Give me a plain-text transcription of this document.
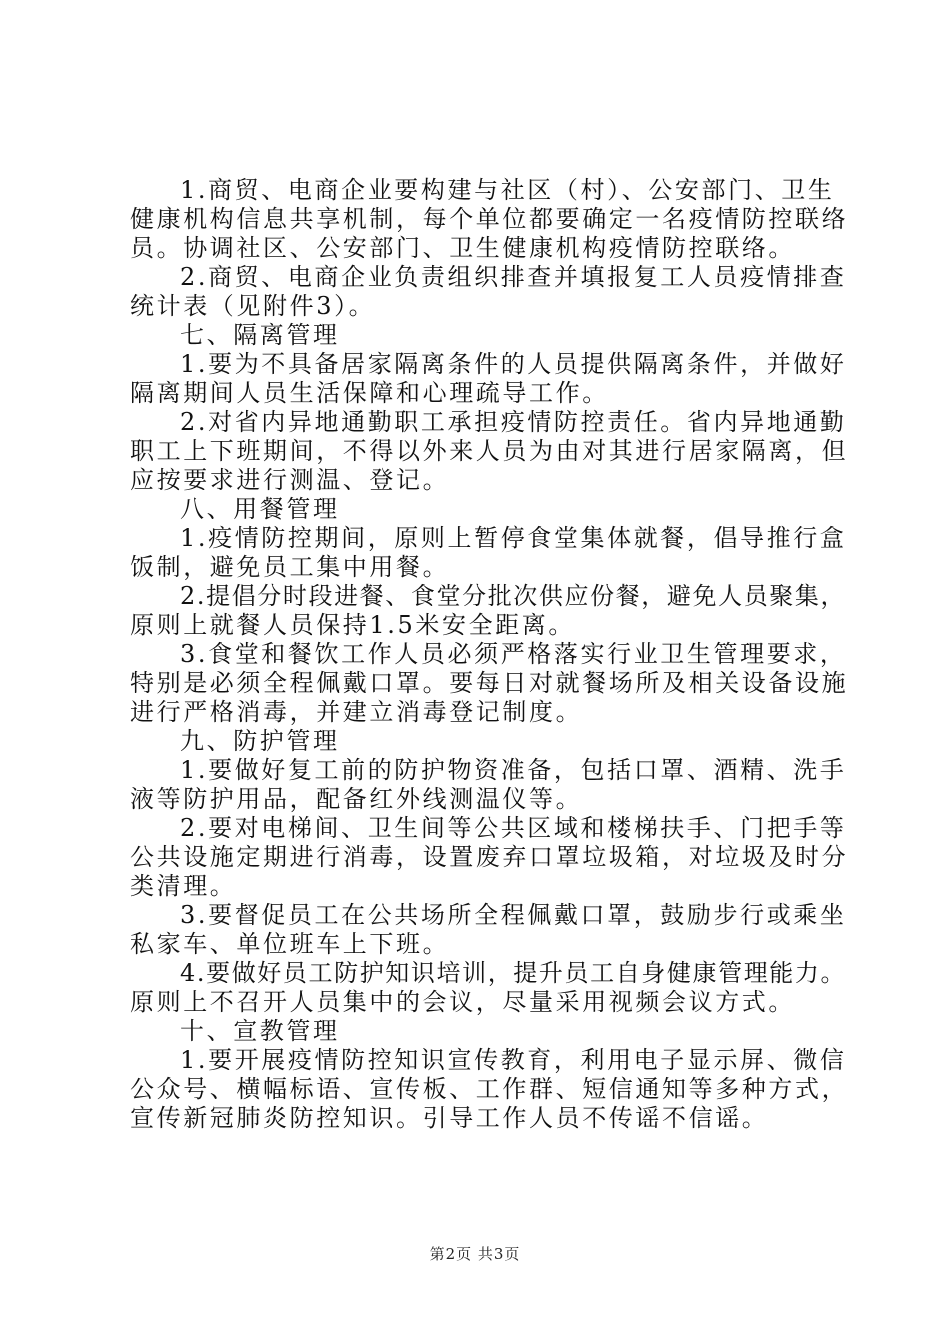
1.商贸、电商企业要构建与社区（村）、公安部门、卫生
健康机构信息共享机制，每个单位都要确定一名疫情防控联络
员。协调社区、公安部门、卫生健康机构疫情防控联络。
2.商贸、电商企业负责组织排查并填报复工人员疫情排查
统计表（见附件3）。
七、隔离管理
1.要为不具备居家隔离条件的人员提供隔离条件，并做好
隔离期间人员生活保障和心理疏导工作。
2.对省内异地通勤职工承担疫情防控责任。省内异地通勤
职工上下班期间，不得以外来人员为由对其进行居家隔离，但
应按要求进行测温、登记。
八、用餐管理
1.疫情防控期间，原则上暂停食堂集体就餐，倡导推行盒
饭制，避免员工集中用餐。
2.提倡分时段进餐、食堂分批次供应份餐，避免人员聚集，
原则上就餐人员保持1.5米安全距离。
3.食堂和餐饮工作人员必须严格落实行业卫生管理要求，
特别是必须全程佩戴口罩。要每日对就餐场所及相关设备设施
进行严格消毒，并建立消毒登记制度。
九、防护管理
1.要做好复工前的防护物资准备，包括口罩、酒精、洗手
液等防护用品，配备红外线测温仪等。
2.要对电梯间、卫生间等公共区域和楼梯扶手、门把手等
公共设施定期进行消毒，设置废弃口罩垃圾箱，对垃圾及时分
类清理。
3.要督促员工在公共场所全程佩戴口罩，鼓励步行或乘坐
私家车、单位班车上下班。
4.要做好员工防护知识培训，提升员工自身健康管理能力。
原则上不召开人员集中的会议，尽量采用视频会议方式。
十、宣教管理
1.要开展疫情防控知识宣传教育，利用电子显示屏、微信
公众号、横幅标语、宣传板、工作群、短信通知等多种方式，
宣传新冠肺炎防控知识。引导工作人员不传谣不信谣。
第2页 共3页
